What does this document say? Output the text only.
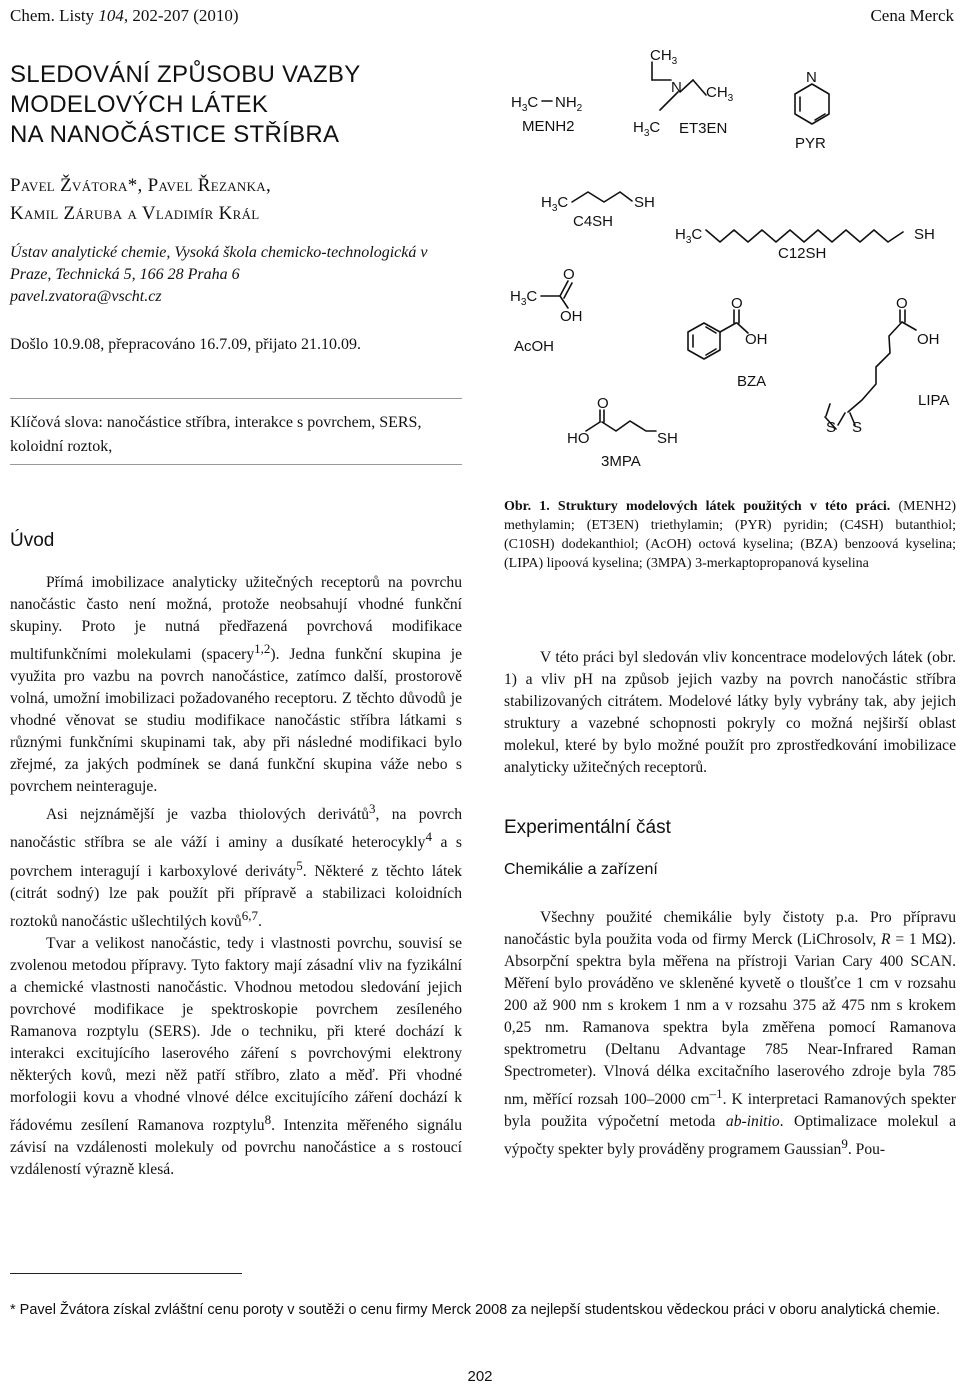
Chem. Listy 104, 202-207 (2010)	Cena Merck
SLEDOVÁNÍ ZPŮSOBU VAZBY
MODELOVÝCH LÁTEK
NA NANOČÁSTICE STŘÍBRA
Pavel Žvátora*, Pavel Řezanka,
Kamil Záruba a Vladimír Král
Ústav analytické chemie, Vysoká škola chemicko-technologická v Praze, Technická 5, 166 28 Praha 6
pavel.zvatora@vscht.cz
Došlo 10.9.08, přepracováno 16.7.09, přijato 21.10.09.
Klíčová slova: nanočástice stříbra, interakce s povrchem, SERS, koloidní roztok,
$H_3C$ $NH_2$
MENH2
$CH_3$
N $CH_3$
$H_3C$ ET3EN
N
PYR
$H_3C$	SH
C4SH
$H_3C$	SH
C12SH
O
$H_3C$
OH
AcOH
O
OH
BZA
O
OH
S S
LIPA
O
HO	SH
3MPA
Obr. 1. Struktury modelových látek použitých v této práci. (MENH2) methylamin; (ET3EN) triethylamin; (PYR) pyridin; (C4SH) butanthiol; (C10SH) dodekanthiol; (AcOH) octová kyselina; (BZA) benzoová kyselina; (LIPA) lipoová kyselina; (3MPA) 3-merkaptopropanová kyselina
Úvod

Přímá imobilizace analyticky užitečných receptorů na povrchu nanočástic často není možná, protože neobsahují vhodné funkční skupiny. Proto je nutná předřazená povrchová modifikace multifunkčními molekulami (spacery$^{1,2}$). Jedna funkční skupina je využita pro vazbu na povrch nanočástice, zatímco další, prostorově volná, umožní imobilizaci požadovaného receptoru. Z těchto důvodů je vhodné věnovat se studiu modifikace nanočástic stříbra látkami s různými funkčními skupinami tak, aby při následné modifikaci bylo zřejmé, za jakých podmínek se daná funkční skupina váže nebo s povrchem neinteraguje.

Asi nejznámější je vazba thiolových derivátů$^3$, na povrch nanočástic stříbra se ale váží i aminy a dusíkaté heterocykly$^4$ a s povrchem interagují i karboxylové deriváty$^5$. Některé z těchto látek (citrát sodný) lze pak použít při přípravě a stabilizaci koloidních roztoků nanočástic ušlechtilých kovů$^{6,7}$.

Tvar a velikost nanočástic, tedy i vlastnosti povrchu, souvisí se zvolenou metodou přípravy. Tyto faktory mají zásadní vliv na fyzikální a chemické vlastnosti nanočástic. Vhodnou metodou sledování jejich povrchové modifikace je spektroskopie povrchem zesíleného Ramanova rozptylu (SERS). Jde o techniku, při které dochází k interakci excitujícího laserového záření s povrchovými elektrony některých kovů, mezi něž patří stříbro, zlato a měď. Při vhodné morfologii kovu a vhodné vlnové délce excitujícího záření dochází k řádovému zesílení Ramanova rozptylu$^8$. Intenzita měřeného signálu závisí na vzdálenosti molekuly od povrchu nanočástice a s rostoucí vzdáleností výrazně klesá.

V této práci byl sledován vliv koncentrace modelových látek (obr. 1) a vliv pH na způsob jejich vazby na povrch nanočástic stříbra stabilizovaných citrátem. Modelové látky byly vybrány tak, aby jejich struktury a vazebné schopnosti pokryly co možná nejširší oblast molekul, které by bylo možné použít pro zprostředkování imobilizace analyticky užitečných receptorů.

Experimentální část
Chemikálie a zařízení

Všechny použité chemikálie byly čistoty p.a. Pro přípravu nanočástic byla použita voda od firmy Merck (LiChrosolv, R = 1 MΩ). Absorpční spektra byla měřena na přístroji Varian Cary 400 SCAN. Měření bylo prováděno ve skleněné kyvetě o tloušťce 1 cm v rozsahu 200 až 900 nm s krokem 1 nm a v rozsahu 375 až 475 nm s krokem 0,25 nm. Ramanova spektra byla změřena pomocí Ramanova spektrometru (Deltanu Advantage 785 Near-Infrared Raman Spectrometer). Vlnová délka excitačního laserového zdroje byla 785 nm, měřící rozsah 100–2000 $cm^{-1}$. K interpretaci Ramanových spekter byla použita výpočetní metoda ab-initio. Optimalizace molekul a výpočty spekter byly prováděny programem Gaussian$^9$. Pou-

* Pavel Žvátora získal zvláštní cenu poroty v soutěži o cenu firmy Merck 2008 za nejlepší studentskou vědeckou práci v oboru analytická chemie.
202
